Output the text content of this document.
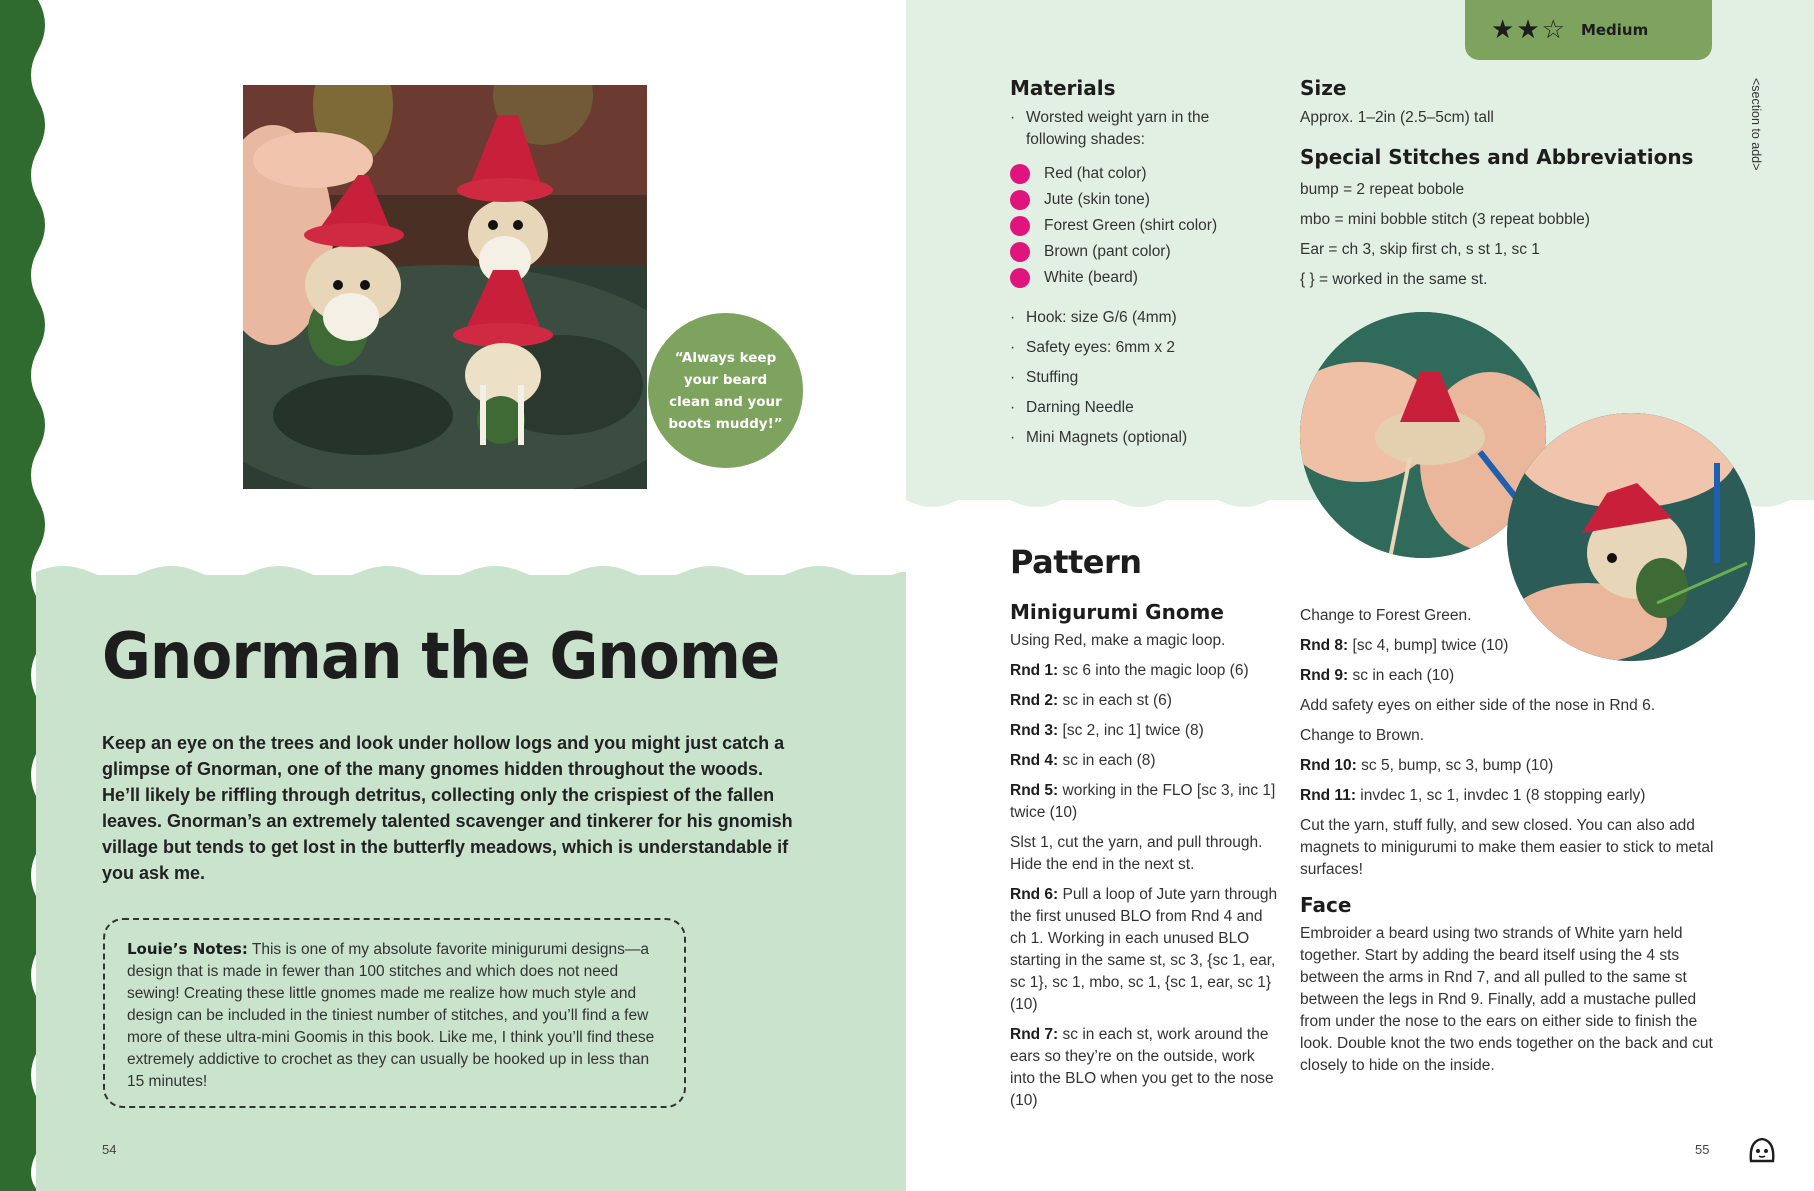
“Always keep your beard clean and your boots muddy!”
Gnorman the Gnome
Keep an eye on the trees and look under hollow logs and you might just catch a glimpse of Gnorman, one of the many gnomes hidden throughout the woods. He’ll likely be riffling through detritus, collecting only the crispiest of the fallen leaves. Gnorman’s an extremely talented scavenger and tinkerer for his gnomish village but tends to get lost in the butterfly meadows, which is understandable if you ask me.
Louie’s Notes: This is one of my absolute favorite minigurumi designs—a design that is made in fewer than 100 stitches and which does not need sewing! Creating these little gnomes made me realize how much style and design can be included in the tiniest number of stitches, and you’ll find a few more of these ultra-mini Goomis in this book. Like me, I think you’ll find these extremely addictive to crochet as they can usually be hooked up in less than 15 minutes!
54
★ ★ ☆ Medium
<section to add>
Materials
· Worsted weight yarn in the following shades:
Red (hat color)
Jute (skin tone)
Forest Green (shirt color)
Brown (pant color)
White (beard)
· Hook: size G/6 (4mm)
· Safety eyes: 6mm x 2
· Stuffing
· Darning Needle
· Mini Magnets (optional)
Size
Approx. 1–2in (2.5–5cm) tall
Special Stitches and Abbreviations
bump = 2 repeat bobole
mbo = mini bobble stitch (3 repeat bobble)
Ear = ch 3, skip first ch, s st 1, sc 1
{ } = worked in the same st.
Pattern
Minigurumi Gnome

Using Red, make a magic loop.

Rnd 1: sc 6 into the magic loop (6)

Rnd 2: sc in each st (6)

Rnd 3: [sc 2, inc 1] twice (8)

Rnd 4: sc in each (8)

Rnd 5: working in the FLO [sc 3, inc 1] twice (10)

Slst 1, cut the yarn, and pull through. Hide the end in the next st.

Rnd 6: Pull a loop of Jute yarn through the first unused BLO from Rnd 4 and ch 1. Working in each unused BLO starting in the same st, sc 3, {sc 1, ear, sc 1}, sc 1, mbo, sc 1, {sc 1, ear, sc 1} (10)

Rnd 7: sc in each st, work around the ears so they’re on the outside, work into the BLO when you get to the nose (10)

Change to Forest Green.

Rnd 8: [sc 4, bump] twice (10)

Rnd 9: sc in each (10)

Add safety eyes on either side of the nose in Rnd 6.

Change to Brown.

Rnd 10: sc 5, bump, sc 3, bump (10)

Rnd 11: invdec 1, sc 1, invdec 1 (8 stopping early)

Cut the yarn, stuff fully, and sew closed. You can also add magnets to minigurumi to make them easier to stick to metal surfaces!

Face
Embroider a beard using two strands of White yarn held together. Start by adding the beard itself using the 4 sts between the arms in Rnd 7, and all pulled to the same st between the legs in Rnd 9. Finally, add a mustache pulled from under the nose to the ears on either side to finish the look. Double knot the two ends together on the back and cut closely to hide on the inside.
55
